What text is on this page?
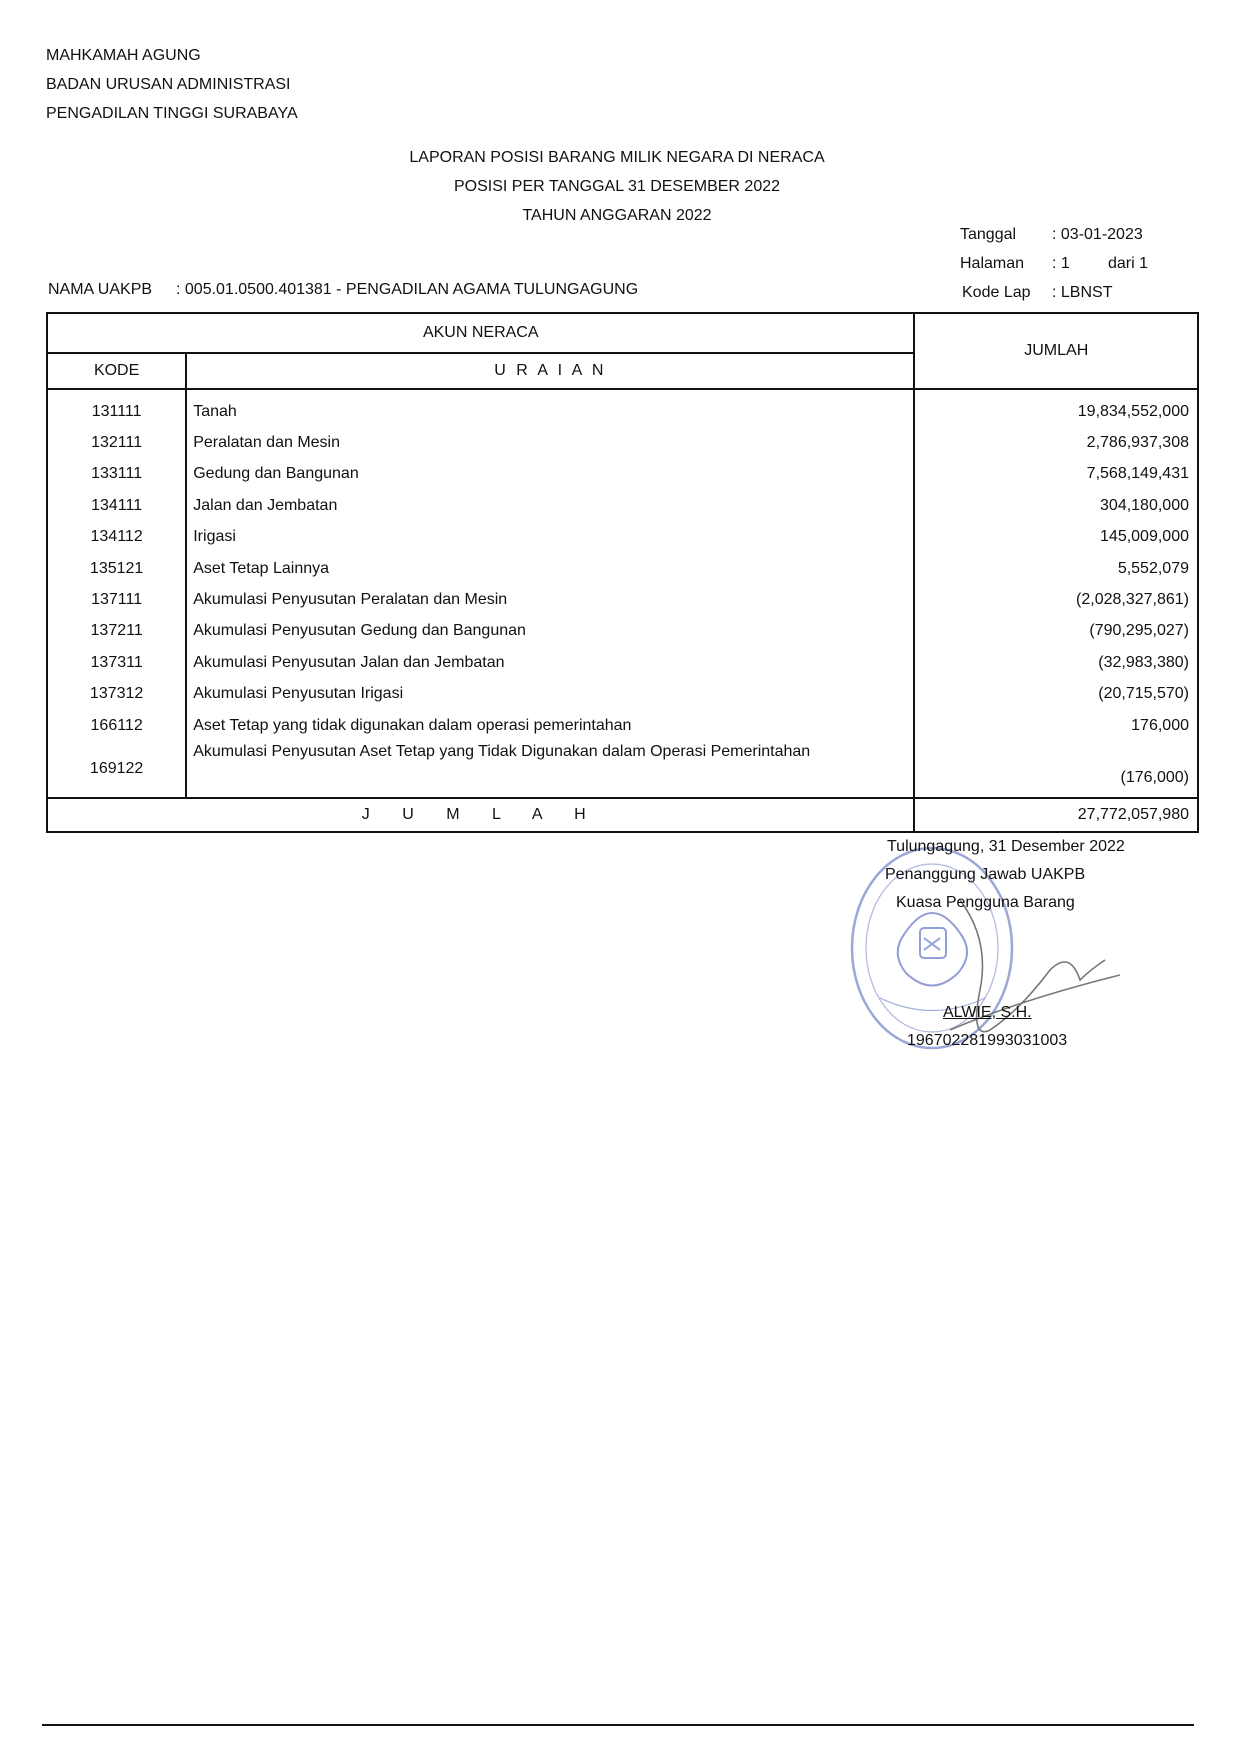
MAHKAMAH AGUNG
BADAN URUSAN ADMINISTRASI
PENGADILAN TINGGI SURABAYA
LAPORAN POSISI BARANG MILIK NEGARA DI NERACA
POSISI PER TANGGAL 31 DESEMBER 2022
TAHUN ANGGARAN 2022
Tanggal : 03-01-2023
Halaman : 1 dari 1
Kode Lap : LBNST
NAMA UAKPB : 005.01.0500.401381 - PENGADILAN AGAMA TULUNGAGUNG
AKUN NERACA		JUMLAH
KODE	U R A I A N	
131111	Tanah	19,834,552,000
132111	Peralatan dan Mesin	2,786,937,308
133111	Gedung dan Bangunan	7,568,149,431
134111	Jalan dan Jembatan	304,180,000
134112	Irigasi	145,009,000
135121	Aset Tetap Lainnya	5,552,079
137111	Akumulasi Penyusutan Peralatan dan Mesin	(2,028,327,861)
137211	Akumulasi Penyusutan Gedung dan Bangunan	(790,295,027)
137311	Akumulasi Penyusutan Jalan dan Jembatan	(32,983,380)
137312	Akumulasi Penyusutan Irigasi	(20,715,570)
166112	Aset Tetap yang tidak digunakan dalam operasi pemerintahan	176,000
169122	Akumulasi Penyusutan Aset Tetap yang Tidak Digunakan dalam Operasi Pemerintahan	(176,000)
J U M L A H		27,772,057,980
Tulungagung, 31 Desember 2022
Penanggung Jawab UAKPB
Kuasa Pengguna Barang
ALWIE, S.H.
196702281993031003
